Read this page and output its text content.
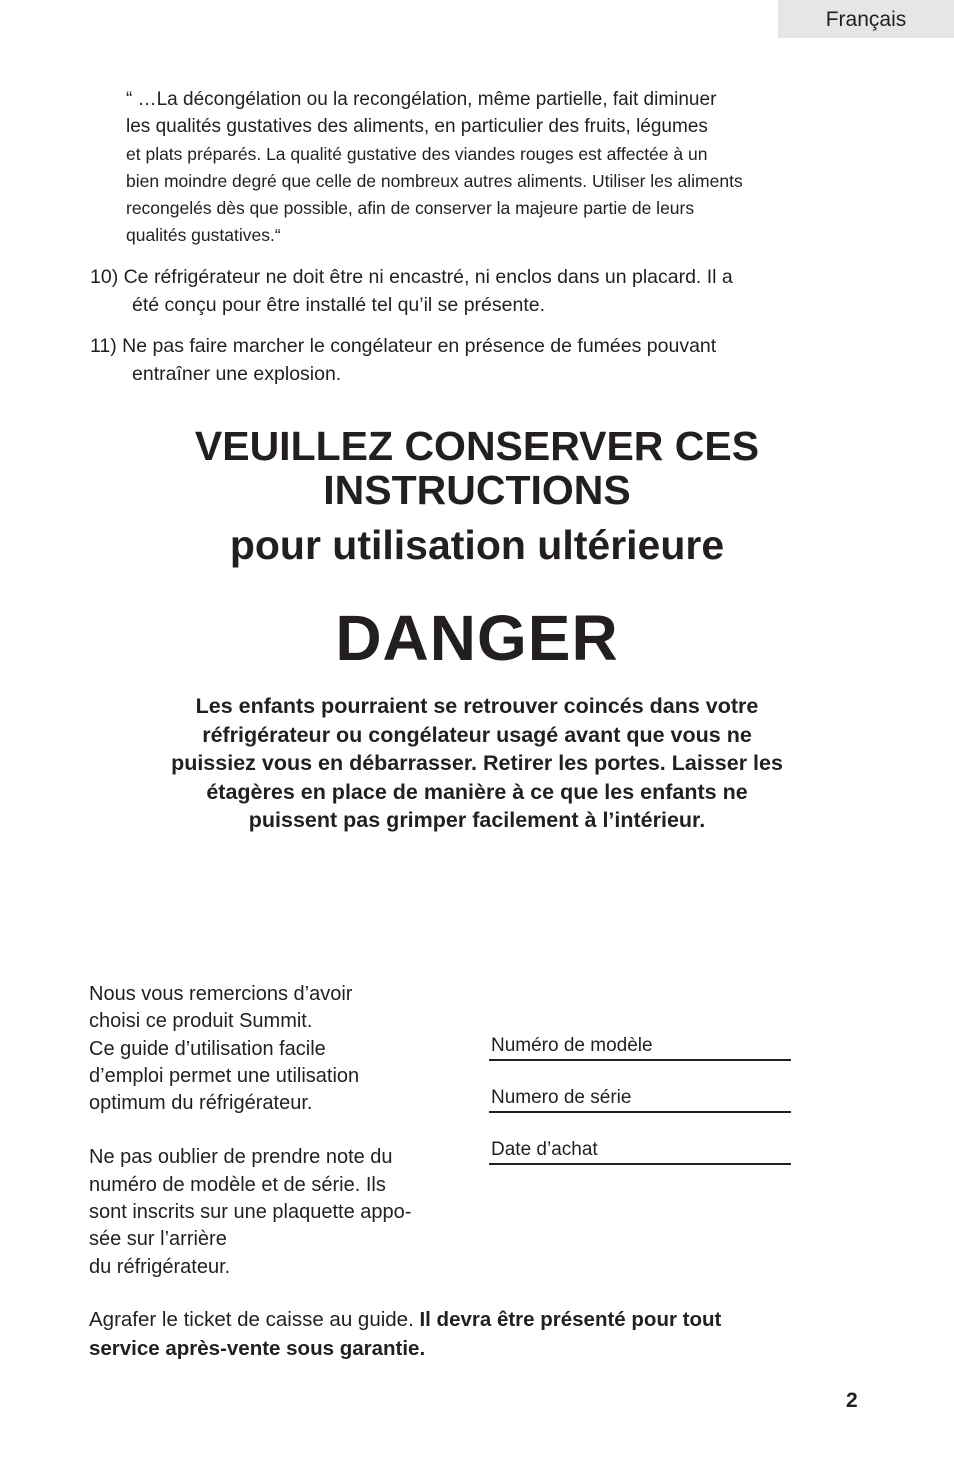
Français
“ …La décongélation ou la recongélation, même partielle, fait diminuer
les qualités gustatives des aliments, en particulier des fruits, légumes
et plats préparés. La qualité gustative des viandes rouges est affectée à un
bien moindre degré que celle de nombreux autres aliments. Utiliser les aliments
recongelés dès que possible, afin de conserver la majeure partie de leurs
qualités gustatives.“
10) Ce réfrigérateur ne doit être ni encastré, ni enclos dans un placard. Il a
été conçu pour être installé tel qu’il se présente.
11) Ne pas faire marcher le congélateur en présence de fumées pouvant
entraîner une explosion.
VEUILLEZ CONSERVER CES
INSTRUCTIONS
pour utilisation ultérieure
DANGER
Les enfants pourraient se retrouver coincés dans votre
réfrigérateur ou congélateur usagé avant que vous ne
puissiez vous en débarrasser. Retirer les portes. Laisser les
étagères en place de manière à ce que les enfants ne
puissent pas grimper facilement à l’intérieur.

Nous vous remercions d’avoir
choisi ce produit Summit.
Ce guide d’utilisation facile
d’emploi permet une utilisation
optimum du réfrigérateur.

Ne pas oublier de prendre note du
numéro de modèle et de série. Ils
sont inscrits sur une plaquette appo-
sée sur l’arrière
du réfrigérateur.

Numéro de modèle
Numero de série
Date d’achat
Agrafer le ticket de caisse au guide. Il devra être présenté pour tout
service après-vente sous garantie.
2
